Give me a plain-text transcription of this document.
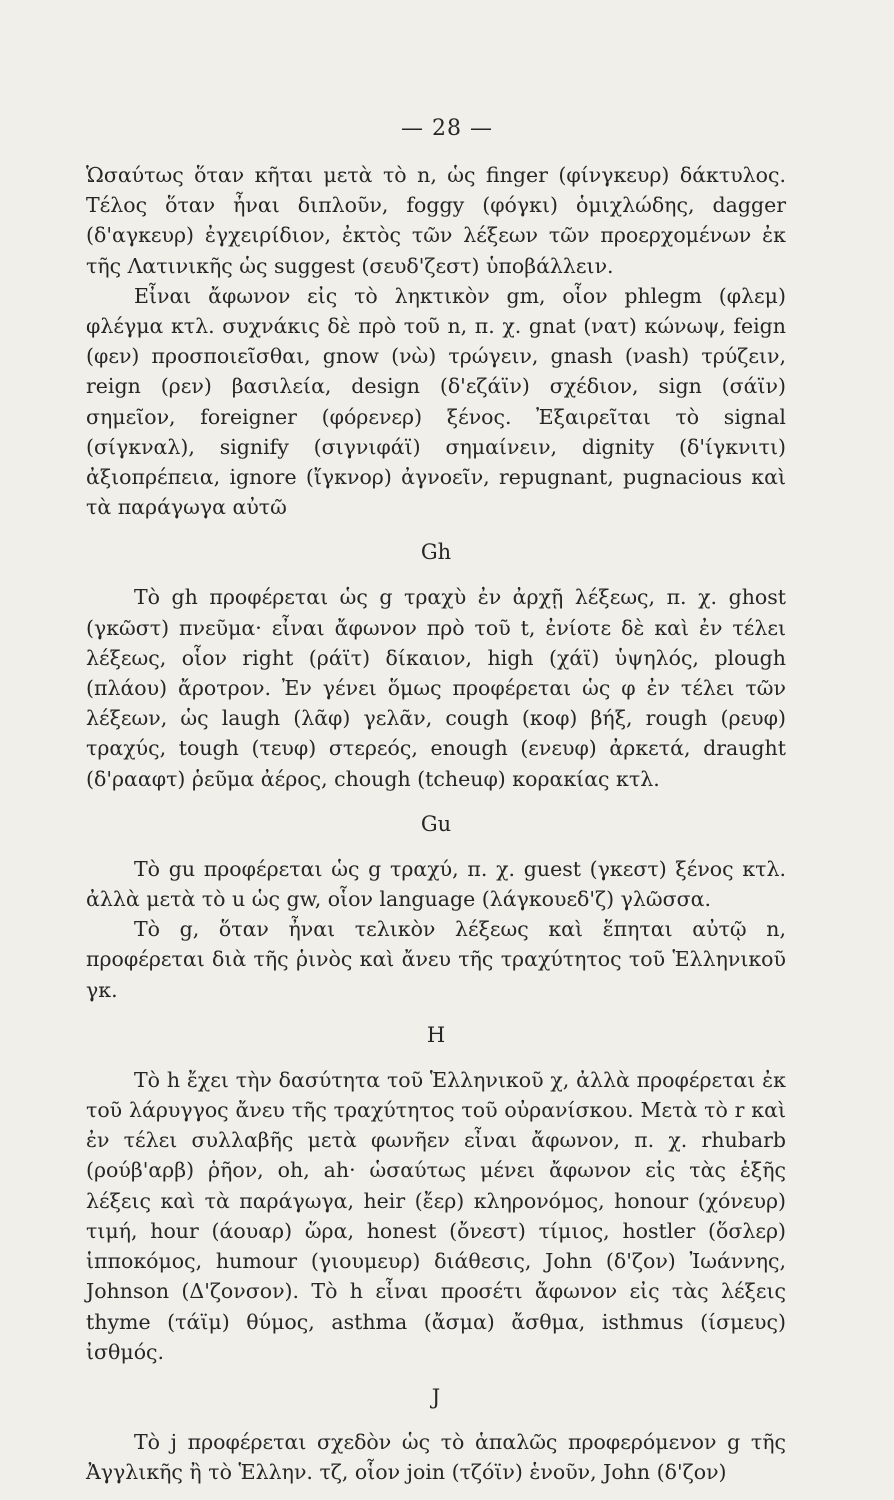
— 28 —

Ὡσαύτως ὅταν κῆται μετὰ τὸ n, ὡς finger (φίνγκευρ) δάκτυλος. Τέλος ὅταν ἦναι διπλοῦν, foggy (φόγκι) ὁμιχλώδης, dagger (δ'αγκευρ) ἐγχειρίδιον, ἐκτὸς τῶν λέξεων τῶν προερχομένων ἐκ τῆς Λατινικῆς ὡς suggest (σευδ'ζεστ) ὑποβάλλειν.

Εἶναι ἄφωνον εἰς τὸ ληκτικὸν gm, οἷον phlegm (φλεμ) φλέγμα κτλ. συχνάκις δὲ πρὸ τοῦ n, π. χ. gnat (νατ) κώνωψ, feign (φεν) προσποιεῖσθαι, gnow (νὼ) τρώγειν, gnash (νash) τρύζειν, reign (ρεν) βασιλεία, design (δ'εζάϊν) σχέδιον, sign (σάϊν) σημεῖον, foreigner (φόρενερ) ξένος. Ἐξαιρεῖται τὸ signal (σίγκναλ), signify (σιγνιφάϊ) σημαίνειν, dignity (δ'ίγκνιτι) ἀξιοπρέπεια, ignore (ἴγκνορ) ἀγνοεῖν, repugnant, pugnacious καὶ τὰ παράγωγα αὐτῶ

Gh

Τὸ gh προφέρεται ὡς g τραχὺ ἐν ἀρχῇ λέξεως, π. χ. ghost (γκῶστ) πνεῦμα· εἶναι ἄφωνον πρὸ τοῦ t, ἐνίοτε δὲ καὶ ἐν τέλει λέξεως, οἷον right (ράϊτ) δίκαιον, high (χάϊ) ὑψηλός, plough (πλάου) ἄροτρον. Ἐν γένει ὅμως προφέρεται ὡς φ ἐν τέλει τῶν λέξεων, ὡς laugh (λᾶφ) γελᾶν, cough (κοφ) βήξ, rough (ρευφ) τραχύς, tough (τευφ) στερεός, enough (ενευφ) ἀρκετά, draught (δ'ρααφτ) ῥεῦμα ἀέρος, chough (tcheuφ) κορακίας κτλ.

Gu

Τὸ gu προφέρεται ὡς g τραχύ, π. χ. guest (γκεστ) ξένος κτλ. ἀλλὰ μετὰ τὸ u ὡς gw, οἷον language (λάγκουεδ'ζ) γλῶσσα.

Τὸ g, ὅταν ἦναι τελικὸν λέξεως καὶ ἕπηται αὐτῷ n, προφέρεται διὰ τῆς ῥινὸς καὶ ἄνευ τῆς τραχύτητος τοῦ Ἑλληνικοῦ γκ.

H

Τὸ h ἔχει τὴν δασύτητα τοῦ Ἑλληνικοῦ χ, ἀλλὰ προφέρεται ἐκ τοῦ λάρυγγος ἄνευ τῆς τραχύτητος τοῦ οὐρανίσκου. Μετὰ τὸ r καὶ ἐν τέλει συλλαβῆς μετὰ φωνῆεν εἶναι ἄφωνον, π. χ. rhubarb (ρούβ'αρβ) ῥῆον, oh, ah· ὡσαύτως μένει ἄφωνον εἰς τὰς ἑξῆς λέξεις καὶ τὰ παράγωγα, heir (ἔερ) κληρονόμος, honour (χόνευρ) τιμή, hour (άουαρ) ὥρα, honest (ὄνεστ) τίμιος, hostler (ὅσλερ) ἱπποκόμος, humour (γιουμευρ) διάθεσις, John (δ'ζον) Ἰωάννης, Johnson (Δ'ζονσον). Τὸ h εἶναι προσέτι ἄφωνον εἰς τὰς λέξεις thyme (τάϊμ) θύμος, asthma (ἄσμα) ἄσθμα, isthmus (ίσμευς) ἰσθμός.

J

Τὸ j προφέρεται σχεδὸν ὡς τὸ ἁπαλῶς προφερόμενον g τῆς Ἀγγλικῆς ἢ τὸ Ἑλλην. τζ, οἷον join (τζόϊν) ἑνοῦν, John (δ'ζον)
